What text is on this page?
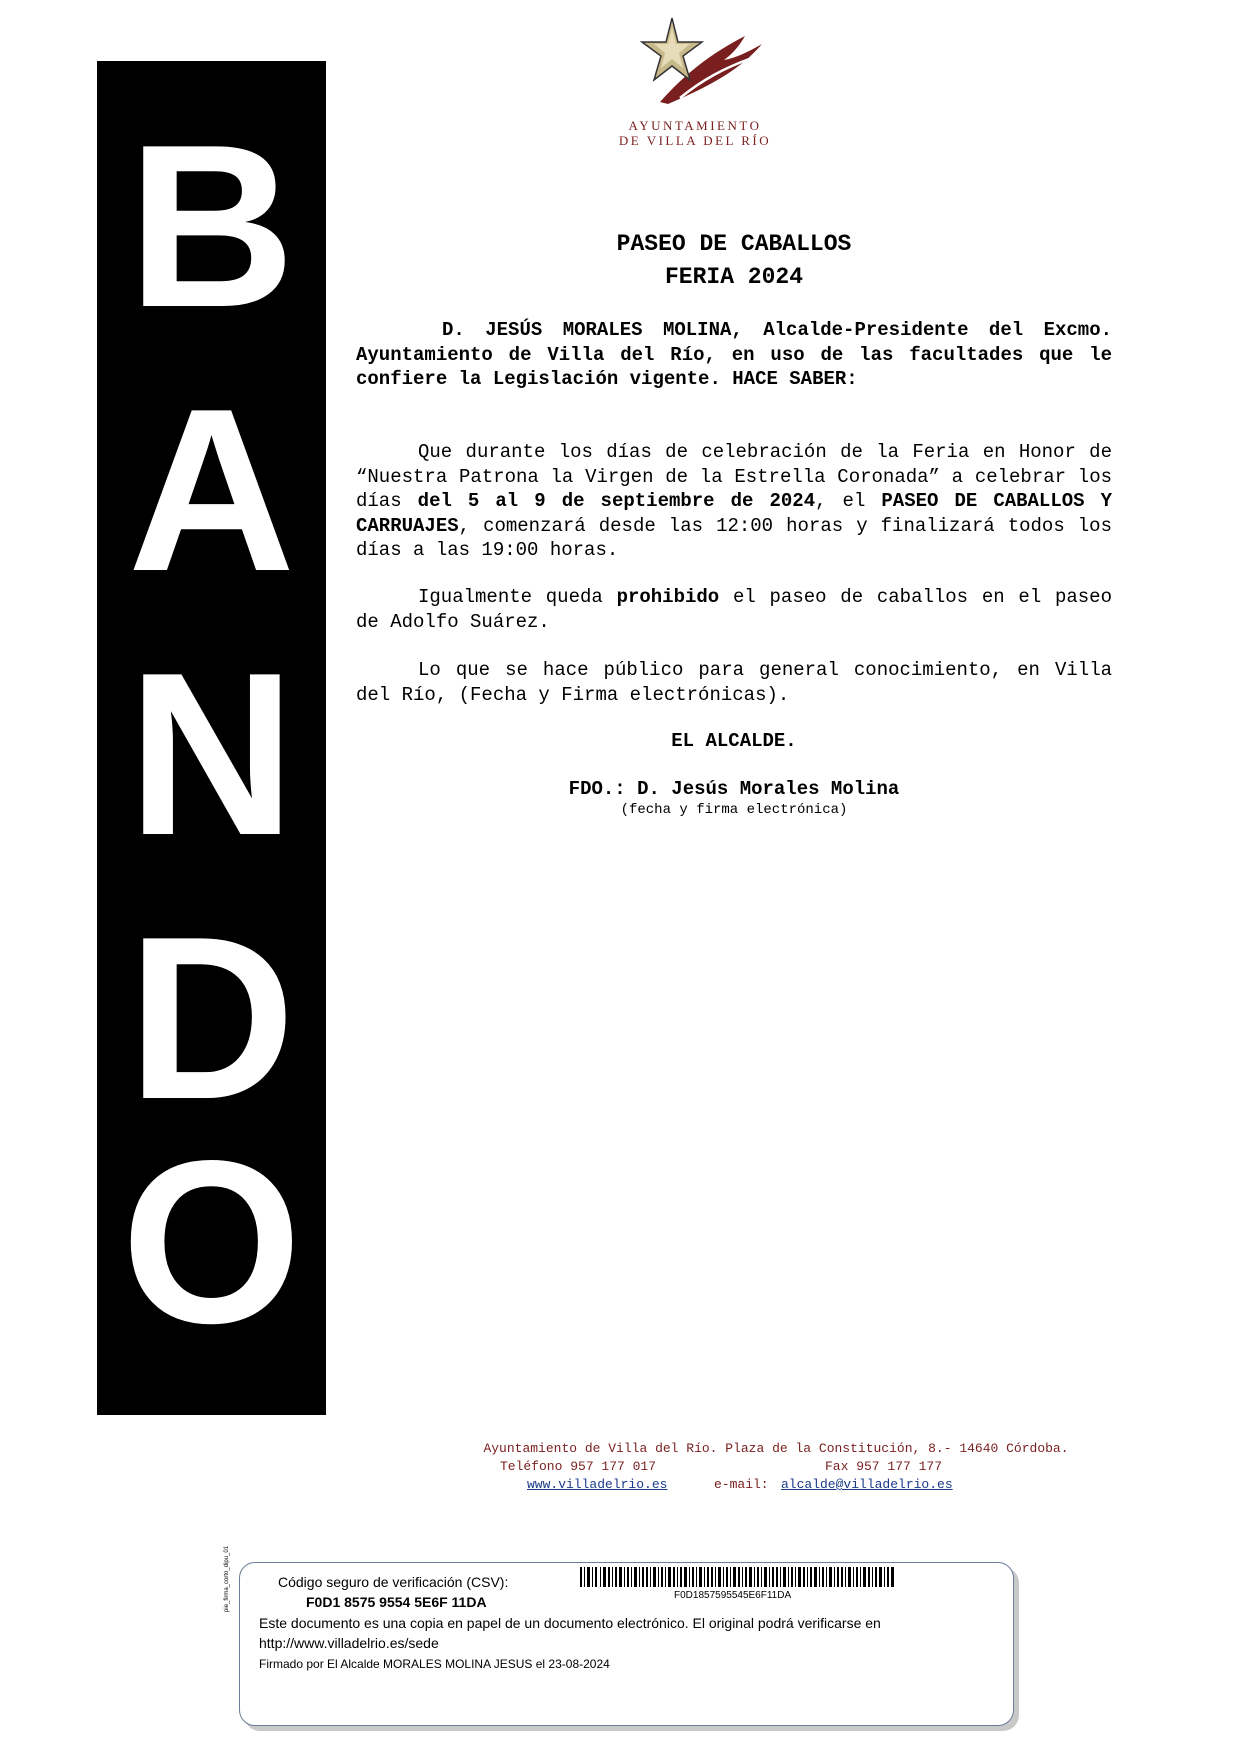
B
A
N
D
O
AYUNTAMIENTO
DE VILLA DEL RÍO
PASEO DE CABALLOS
FERIA 2024

D. JESÚS MORALES MOLINA, Alcalde-Presidente del Excmo. Ayuntamiento de Villa del Río, en uso de las facultades que le confiere la Legislación vigente. HACE SABER:

Que durante los días de celebración de la Feria en Honor de “Nuestra Patrona la Virgen de la Estrella Coronada” a celebrar los días del 5 al 9 de septiembre de 2024, el PASEO DE CABALLOS Y CARRUAJES, comenzará desde las 12:00 horas y finalizará todos los días a las 19:00 horas.

Igualmente queda prohibido el paseo de caballos en el paseo de Adolfo Suárez.

Lo que se hace público para general conocimiento, en Villa del Río, (Fecha y Firma electrónicas).

EL ALCALDE.
FDO.: D. Jesús Morales Molina
(fecha y firma electrónica)
Ayuntamiento de Villa del Río. Plaza de la Constitución, 8.- 14640 Córdoba.
Teléfono 957 177 017	Fax 957 177 177
www.villadelrio.es	e-mail: alcalde@villadelrio.es
pie_firma_corto_dipu_01	Código seguro de verificación (CSV):
F0D1 8575 9554 5E6F 11DA	F0D1857595545E6F11DA
Este documento es una copia en papel de un documento electrónico. El original podrá verificarse en
http://www.villadelrio.es/sede
Firmado por El Alcalde MORALES MOLINA JESUS el 23-08-2024
